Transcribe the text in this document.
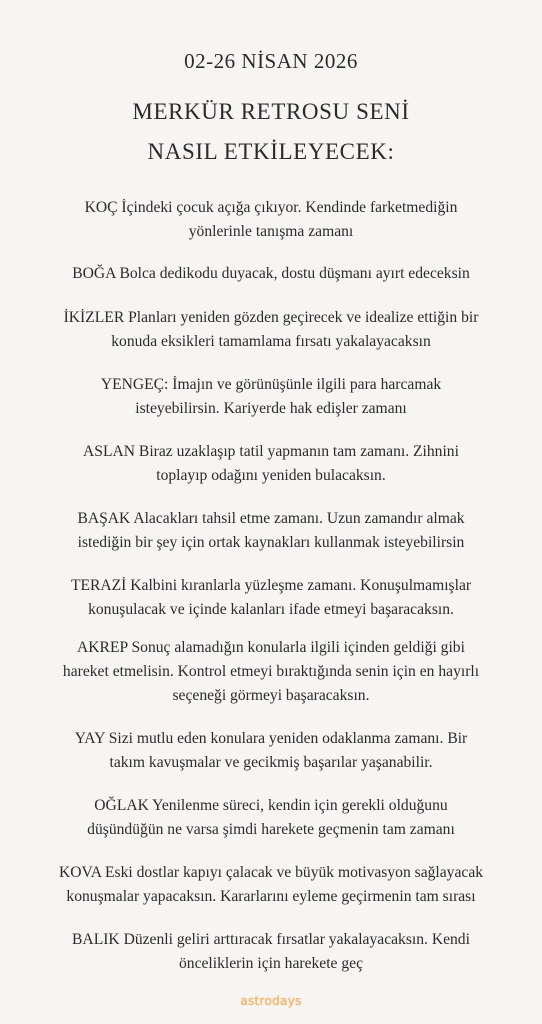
02-26 NİSAN 2026
MERKÜR RETROSU SENİ
NASIL ETKİLEYECEK:
KOÇ İçindeki çocuk açığa çıkıyor. Kendinde farketmediğin
yönlerinle tanışma zamanı
BOĞA Bolca dedikodu duyacak, dostu düşmanı ayırt edeceksin
İKİZLER Planları yeniden gözden geçirecek ve idealize ettiğin bir
konuda eksikleri tamamlama fırsatı yakalayacaksın
YENGEÇ: İmajın ve görünüşünle ilgili para harcamak
isteyebilirsin. Kariyerde hak edişler zamanı
ASLAN Biraz uzaklaşıp tatil yapmanın tam zamanı. Zihnini
toplayıp odağını yeniden bulacaksın.
BAŞAK Alacakları tahsil etme zamanı. Uzun zamandır almak
istediğin bir şey için ortak kaynakları kullanmak isteyebilirsin
TERAZİ Kalbini kıranlarla yüzleşme zamanı. Konuşulmamışlar
konuşulacak ve içinde kalanları ifade etmeyi başaracaksın.
AKREP Sonuç alamadığın konularla ilgili içinden geldiği gibi
hareket etmelisin. Kontrol etmeyi bıraktığında senin için en hayırlı
seçeneği görmeyi başaracaksın.
YAY Sizi mutlu eden konulara yeniden odaklanma zamanı. Bir
takım kavuşmalar ve gecikmiş başarılar yaşanabilir.
OĞLAK Yenilenme süreci, kendin için gerekli olduğunu
düşündüğün ne varsa şimdi harekete geçmenin tam zamanı
KOVA Eski dostlar kapıyı çalacak ve büyük motivasyon sağlayacak
konuşmalar yapacaksın. Kararlarını eyleme geçirmenin tam sırası
BALIK Düzenli geliri arttıracak fırsatlar yakalayacaksın. Kendi
önceliklerin için harekete geç
astrodays
